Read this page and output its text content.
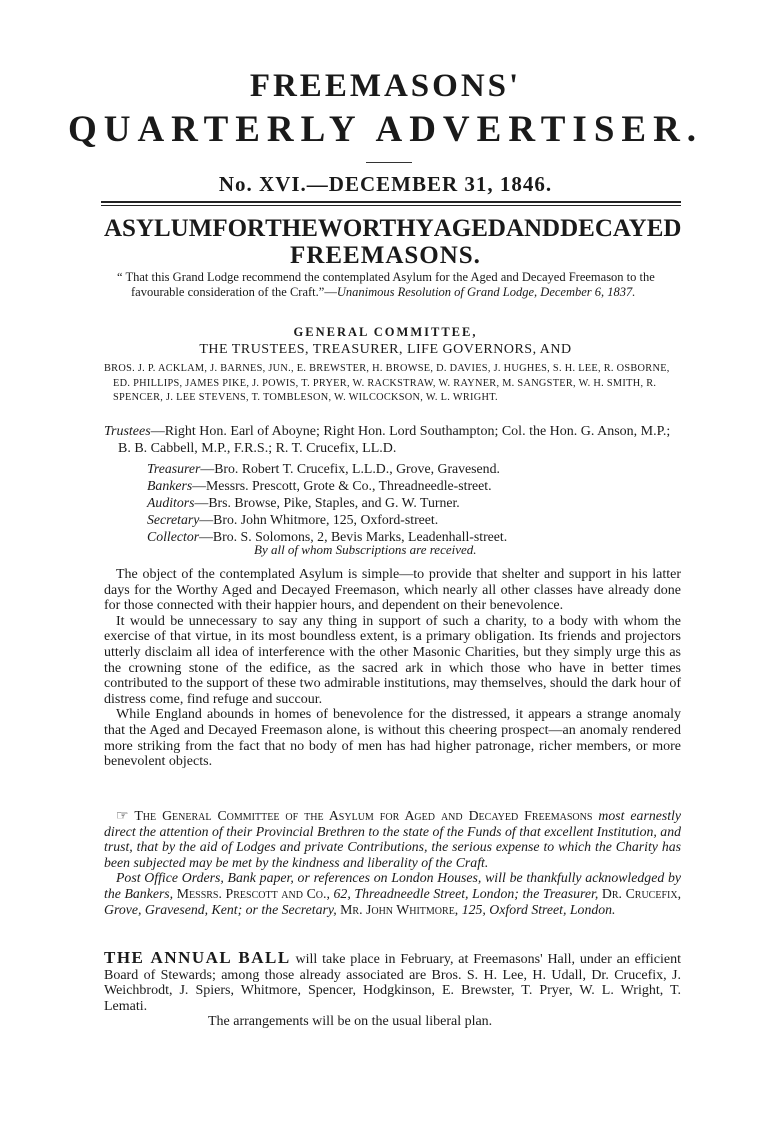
FREEMASONS'
QUARTERLY ADVERTISER.
No. XVI.—DECEMBER 31, 1846.
ASYLUM FOR THE WORTHY AGED AND DECAYED
FREEMASONS.

“ That this Grand Lodge recommend the contemplated Asylum for the Aged and Decayed Freemason to the favourable consideration of the Craft.”—Unanimous Resolution of Grand Lodge, December 6, 1837.

GENERAL COMMITTEE,
THE TRUSTEES, TREASURER, LIFE GOVERNORS, AND

BROS. J. P. ACKLAM, J. BARNES, JUN., E. BREWSTER, H. BROWSE, D. DAVIES, J. HUGHES, S. H. LEE, R. OSBORNE, ED. PHILLIPS, JAMES PIKE, J. POWIS, T. PRYER, W. RACKSTRAW, W. RAYNER, M. SANGSTER, W. H. SMITH, R. SPENCER, J. LEE STEVENS, T. TOMBLESON, W. WILCOCKSON, W. L. WRIGHT.

Trustees—Right Hon. Earl of Aboyne; Right Hon. Lord Southampton; Col. the Hon. G. Anson, M.P.; B. B. Cabbell, M.P., F.R.S.; R. T. Crucefix, LL.D.

Treasurer—Bro. Robert T. Crucefix, L.L.D., Grove, Gravesend.
Bankers—Messrs. Prescott, Grote & Co., Threadneedle-street.
Auditors—Brs. Browse, Pike, Staples, and G. W. Turner.
Secretary—Bro. John Whitmore, 125, Oxford-street.
Collector—Bro. S. Solomons, 2, Bevis Marks, Leadenhall-street.
By all of whom Subscriptions are received.

The object of the contemplated Asylum is simple—to provide that shelter and support in his latter days for the Worthy Aged and Decayed Freemason, which nearly all other classes have already done for those connected with their happier hours, and dependent on their benevolence.

It would be unnecessary to say any thing in support of such a charity, to a body with whom the exercise of that virtue, in its most boundless extent, is a primary obligation. Its friends and projectors utterly disclaim all idea of interference with the other Masonic Charities, but they simply urge this as the crowning stone of the edifice, as the sacred ark in which those who have in better times contributed to the support of these two admirable institutions, may themselves, should the dark hour of distress come, find refuge and succour.

While England abounds in homes of benevolence for the distressed, it appears a strange anomaly that the Aged and Decayed Freemason alone, is without this cheering prospect—an anomaly rendered more striking from the fact that no body of men has had higher patronage, richer members, or more benevolent objects.

☞ The General Committee of the Asylum for Aged and Decayed Freemasons most earnestly direct the attention of their Provincial Brethren to the state of the Funds of that excellent Institution, and trust, that by the aid of Lodges and private Contributions, the serious expense to which the Charity has been subjected may be met by the kindness and liberality of the Craft.

Post Office Orders, Bank paper, or references on London Houses, will be thankfully acknowledged by the Bankers, Messrs. Prescott and Co., 62, Threadneedle Street, London; the Treasurer, Dr. Crucefix, Grove, Gravesend, Kent; or the Secretary, Mr. John Whitmore, 125, Oxford Street, London.

THE ANNUAL BALL will take place in February, at Freemasons' Hall, under an efficient Board of Stewards; among those already associated are Bros. S. H. Lee, H. Udall, Dr. Crucefix, J. Weichbrodt, J. Spiers, Whitmore, Spencer, Hodgkinson, E. Brewster, T. Pryer, W. L. Wright, T. Lemati.

The arrangements will be on the usual liberal plan.
